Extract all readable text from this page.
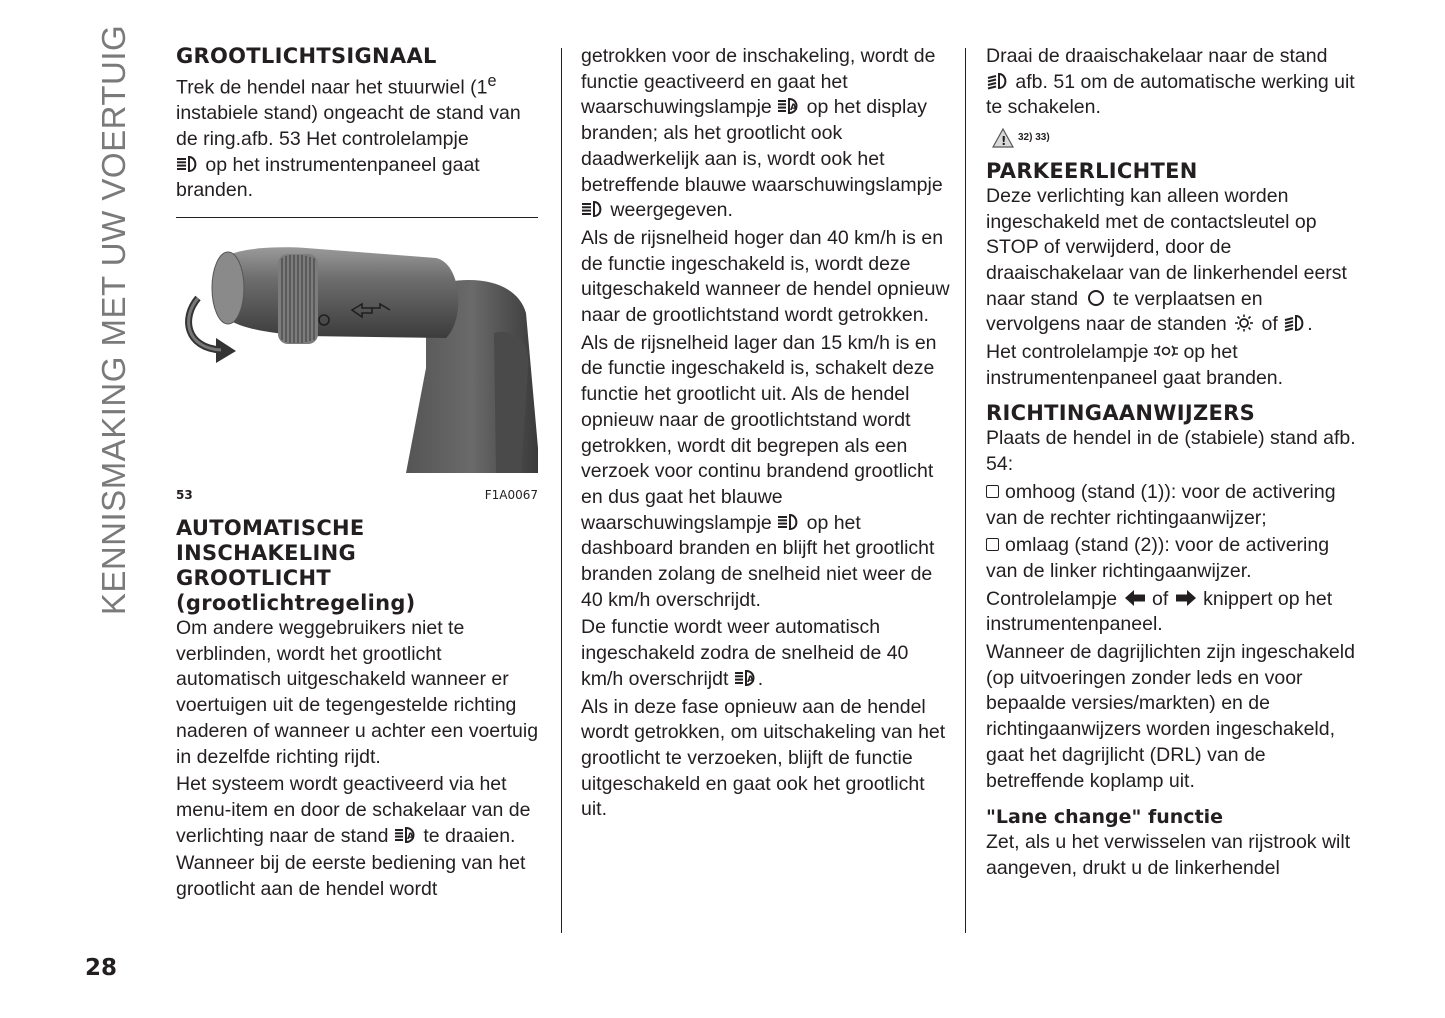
KENNISMAKING MET UW VOERTUIG GROOTLICHTSIGNAAL

Trek de hendel naar het stuurwiel (1e instabiele stand) ongeacht de stand van de ring.afb. 53 Het controlelampje
op het instrumentenpaneel gaat branden.

53	F1A0067
AUTOMATISCHE
INSCHAKELING
GROOTLICHT
(grootlichtregeling)

Om andere weggebruikers niet te verblinden, wordt het grootlicht automatisch uitgeschakeld wanneer er voertuigen uit de tegengestelde richting naderen of wanneer u achter een voertuig in dezelfde richting rijdt.

Het systeem wordt geactiveerd via het menu-item en door de schakelaar van de verlichting naar de stand te draaien.

Wanneer bij de eerste bediening van het grootlicht aan de hendel wordt

getrokken voor de inschakeling, wordt de functie geactiveerd en gaat het waarschuwingslampje op het display branden; als het grootlicht ook daadwerkelijk aan is, wordt ook het betreffende blauwe waarschuwingslampje  weergegeven.

Als de rijsnelheid hoger dan 40 km/h is en de functie ingeschakeld is, wordt deze uitgeschakeld wanneer de hendel opnieuw naar de grootlichtstand wordt getrokken.

Als de rijsnelheid lager dan 15 km/h is en de functie ingeschakeld is, schakelt deze functie het grootlicht uit. Als de hendel opnieuw naar de grootlichtstand wordt getrokken, wordt dit begrepen als een verzoek voor continu brandend grootlicht en dus gaat het blauwe waarschuwingslampje op het dashboard branden en blijft het grootlicht branden zolang de snelheid niet weer de 40 km/h overschrijdt.

De functie wordt weer automatisch ingeschakeld zodra de snelheid de 40 km/h overschrijdt .

Als in deze fase opnieuw aan de hendel wordt getrokken, om uitschakeling van het grootlicht te verzoeken, blijft de functie uitgeschakeld en gaat ook het grootlicht uit.

Draai de draaischakelaar naar de stand  afb. 51 om de automatische werking uit te schakelen.

! 32) 33)
PARKEERLICHTEN

Deze verlichting kan alleen worden ingeschakeld met de contactsleutel op STOP of verwijderd, door de draaischakelaar van de linkerhendel eerst naar stand te verplaatsen en vervolgens naar de standen of .

Het controlelampje op het instrumentenpaneel gaat branden.

RICHTINGAANWIJZERS

Plaats de hendel in de (stabiele) stand afb. 54:

omhoog (stand (1)): voor de activering van de rechter richtingaanwijzer;

omlaag (stand (2)): voor de activering van de linker richtingaanwijzer.

Controlelampje of knippert op het instrumentenpaneel.

Wanneer de dagrijlichten zijn ingeschakeld (op uitvoeringen zonder leds en voor bepaalde versies/markten) en de richtingaanwijzers worden ingeschakeld, gaat het dagrijlicht (DRL) van de betreffende koplamp uit.

"Lane change" functie

Zet, als u het verwisselen van rijstrook wilt aangeven, drukt u de linkerhendel

28
